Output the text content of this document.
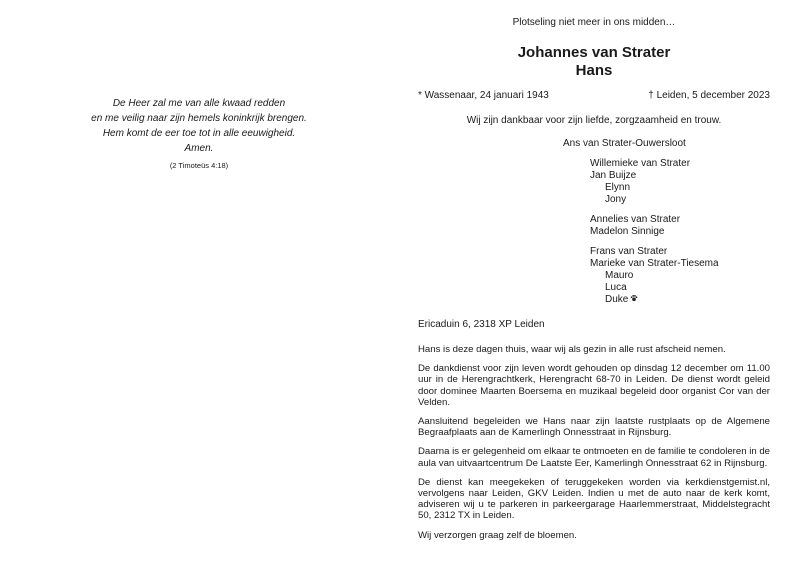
De Heer zal me van alle kwaad redden
en me veilig naar zijn hemels koninkrijk brengen.
Hem komt de eer toe tot in alle eeuwigheid.
Amen.
(2 Timoteüs 4:18)
Plotseling niet meer in ons midden…
Johannes van Strater
Hans
* Wassenaar, 24 januari 1943	† Leiden, 5 december 2023
Wij zijn dankbaar voor zijn liefde, zorgzaamheid en trouw.
Ans van Strater-Ouwersloot
Willemieke van Strater
Jan Buijze
Elynn
Jony
Annelies van Strater
Madelon Sinnige
Frans van Strater
Marieke van Strater-Tiesema
Mauro
Luca
Duke
Ericaduin 6, 2318 XP Leiden

Hans is deze dagen thuis, waar wij als gezin in alle rust afscheid nemen.

De dankdienst voor zijn leven wordt gehouden op dinsdag 12 december om 11.00 uur in de Herengrachtkerk, Herengracht 68-70 in Leiden. De dienst wordt geleid door dominee Maarten Boersema en muzikaal begeleid door organist Cor van der Velden.

Aansluitend begeleiden we Hans naar zijn laatste rustplaats op de Algemene Begraafplaats aan de Kamerlingh Onnesstraat in Rijnsburg.

Daarna is er gelegenheid om elkaar te ontmoeten en de familie te condoleren in de aula van uitvaartcentrum De Laatste Eer, Kamerlingh Onnesstraat 62 in Rijnsburg.

De dienst kan meegekeken of teruggekeken worden via kerkdienstgemist.nl, vervolgens naar Leiden, GKV Leiden. Indien u met de auto naar de kerk komt, adviseren wij u te parkeren in parkeergarage Haarlemmerstraat, Middelstegracht 50, 2312 TX in Leiden.

Wij verzorgen graag zelf de bloemen.
